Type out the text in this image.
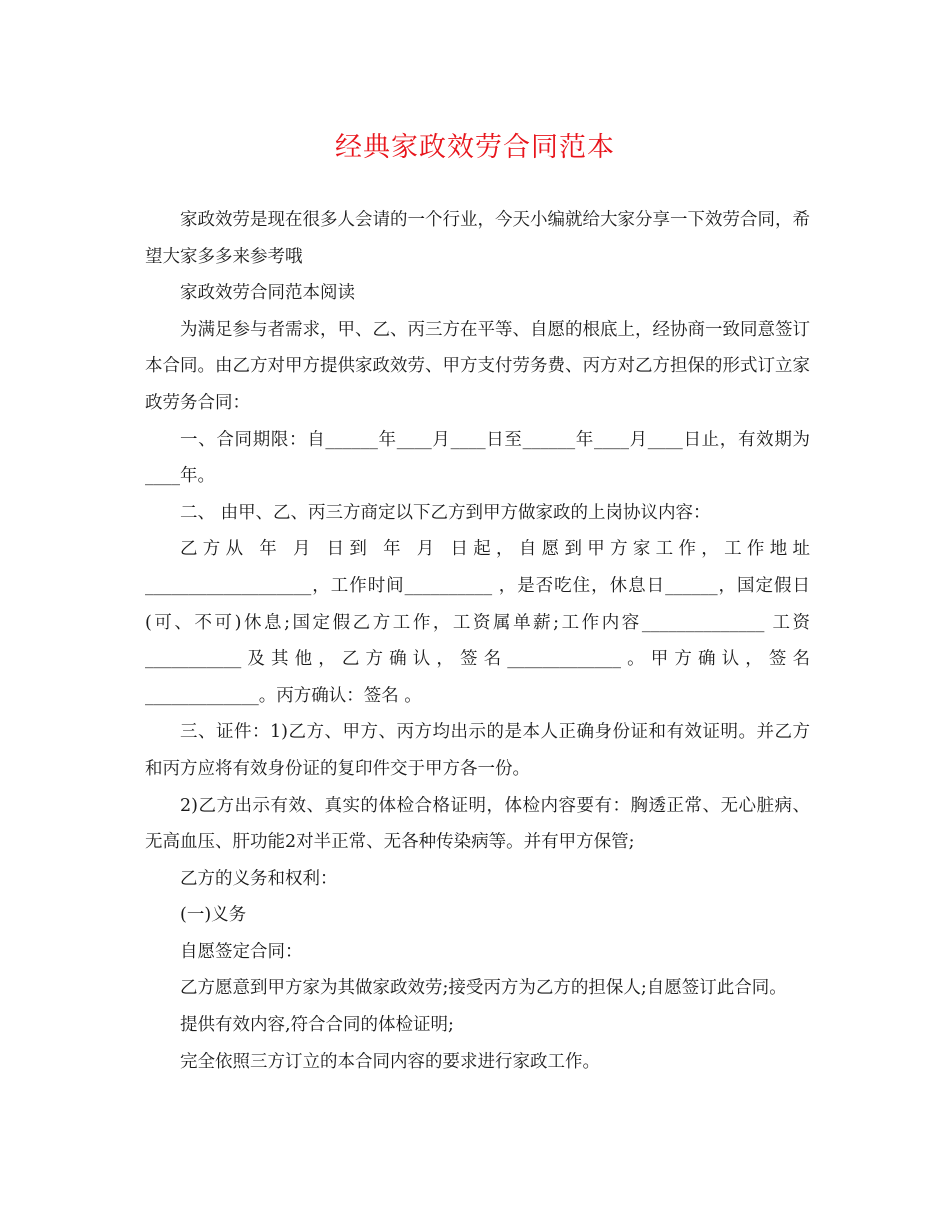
经典家政效劳合同范本

家政效劳是现在很多人会请的一个行业，今天小编就给大家分享一下效劳合同，希望大家多多来参考哦

家政效劳合同范本阅读

为满足参与者需求，甲、乙、丙三方在平等、自愿的根底上，经协商一致同意签订本合同。由乙方对甲方提供家政效劳、甲方支付劳务费、丙方对乙方担保的形式订立家政劳务合同：

一、合同期限：自______年____月____日至______年____月____日止，有效期为____年。

二、 由甲、乙、丙三方商定以下乙方到甲方做家政的上岗协议内容：

乙方从 年 月 日到 年 月 日起，自愿到甲方家工作，工作地址___________________，工作时间__________ ，是否吃住，休息日______，国定假日(可、不可)休息;国定假乙方工作，工资属单薪;工作内容______________ 工资___________及其他，乙方确认，签名_____________。甲方确认，签名_____________。丙方确认：签名 。

三、证件：1)乙方、甲方、丙方均出示的是本人正确身份证和有效证明。并乙方和丙方应将有效身份证的复印件交于甲方各一份。

2)乙方出示有效、真实的体检合格证明，体检内容要有：胸透正常、无心脏病、无高血压、肝功能2对半正常、无各种传染病等。并有甲方保管;

乙方的义务和权利：

(一)义务

自愿签定合同：

乙方愿意到甲方家为其做家政效劳;接受丙方为乙方的担保人;自愿签订此合同。

提供有效内容,符合合同的体检证明;

完全依照三方订立的本合同内容的要求进行家政工作。
